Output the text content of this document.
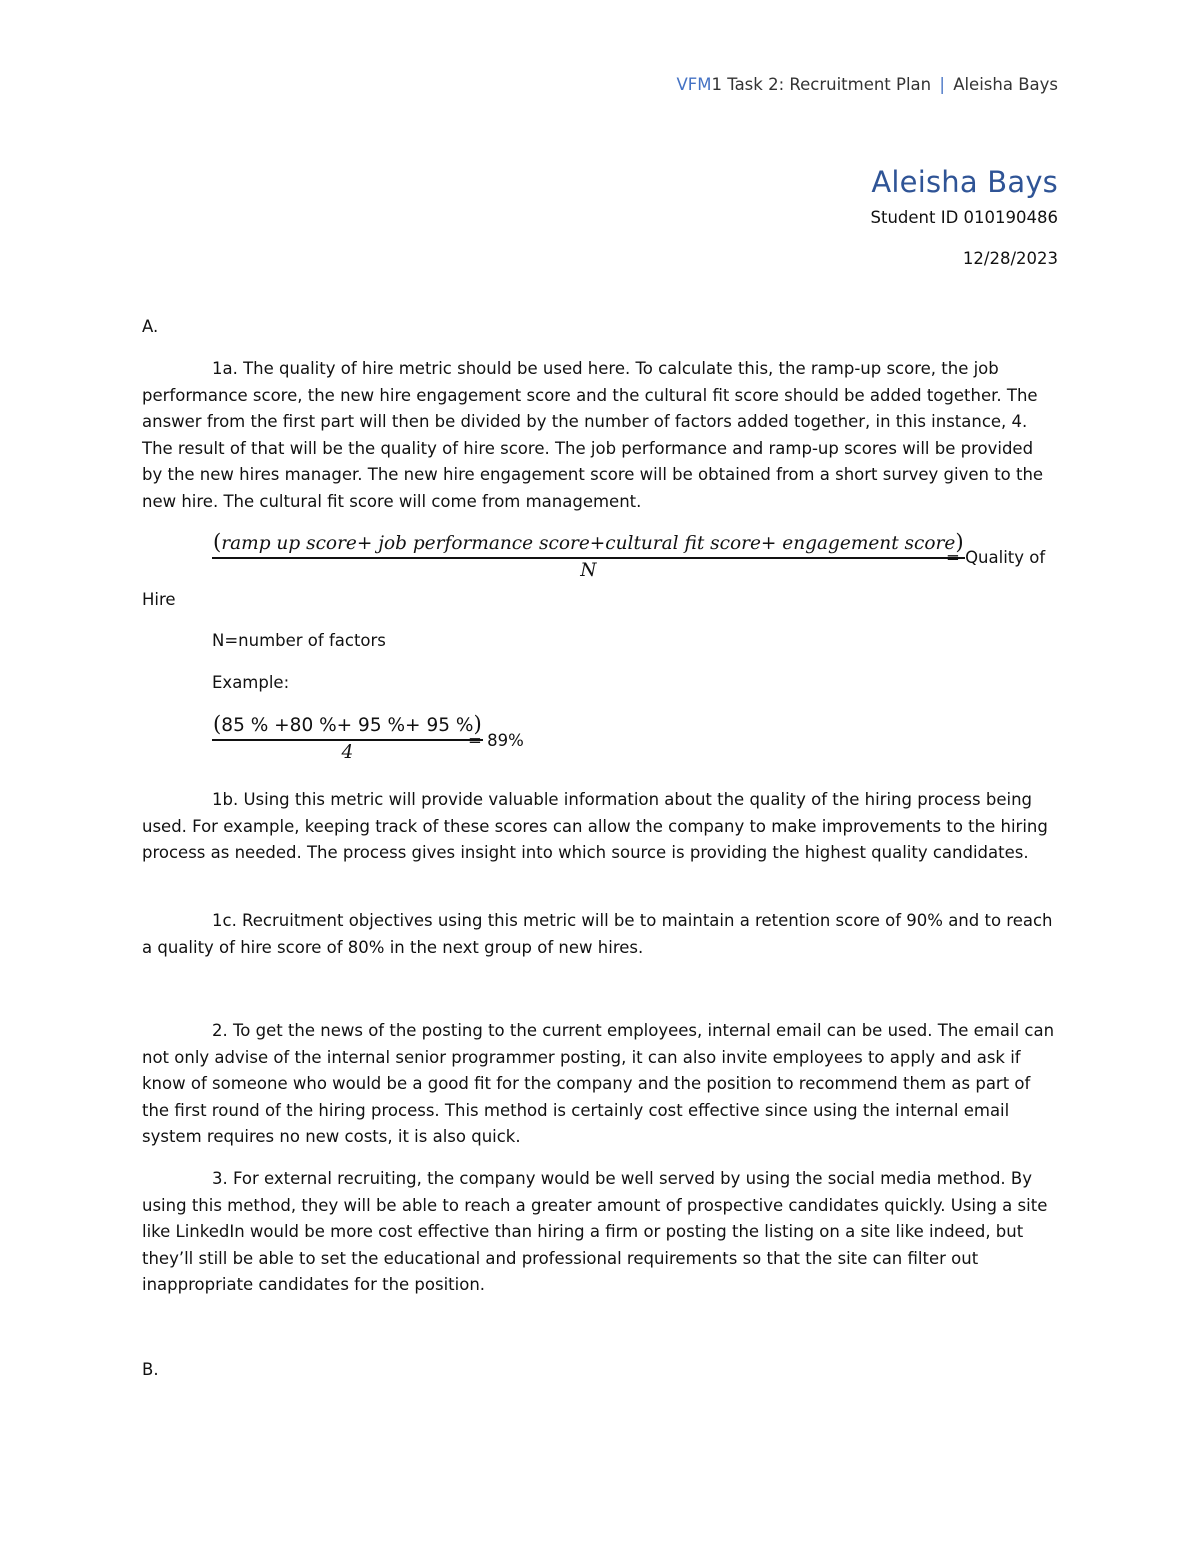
VFM1 Task 2: Recruitment Plan | Aleisha Bays
Aleisha Bays
Student ID 010190486
12/28/2023

A.

1a. The quality of hire metric should be used here. To calculate this, the ramp-up score, the job performance score, the new hire engagement score and the cultural fit score should be added together. The answer from the first part will then be divided by the number of factors added together, in this instance, 4. The result of that will be the quality of hire score. The job performance and ramp-up scores will be provided by the new hires manager. The new hire engagement score will be obtained from a short survey given to the new hire. The cultural fit score will come from management.

(ramp up score+ job performance score+cultural fit score+ engagement score)
N
= Quality of
Hire
N=number of factors
Example:
(85 % +80 %+ 95 %+ 95 %)
4
= 89%

1b. Using this metric will provide valuable information about the quality of the hiring process being used. For example, keeping track of these scores can allow the company to make improvements to the hiring process as needed. The process gives insight into which source is providing the highest quality candidates.

1c. Recruitment objectives using this metric will be to maintain a retention score of 90% and to reach a quality of hire score of 80% in the next group of new hires.

2. To get the news of the posting to the current employees, internal email can be used. The email can not only advise of the internal senior programmer posting, it can also invite employees to apply and ask if know of someone who would be a good fit for the company and the position to recommend them as part of the first round of the hiring process. This method is certainly cost effective since using the internal email system requires no new costs, it is also quick.

3. For external recruiting, the company would be well served by using the social media method. By using this method, they will be able to reach a greater amount of prospective candidates quickly. Using a site like LinkedIn would be more cost effective than hiring a firm or posting the listing on a site like indeed, but they’ll still be able to set the educational and professional requirements so that the site can filter out inappropriate candidates for the position.

B.
